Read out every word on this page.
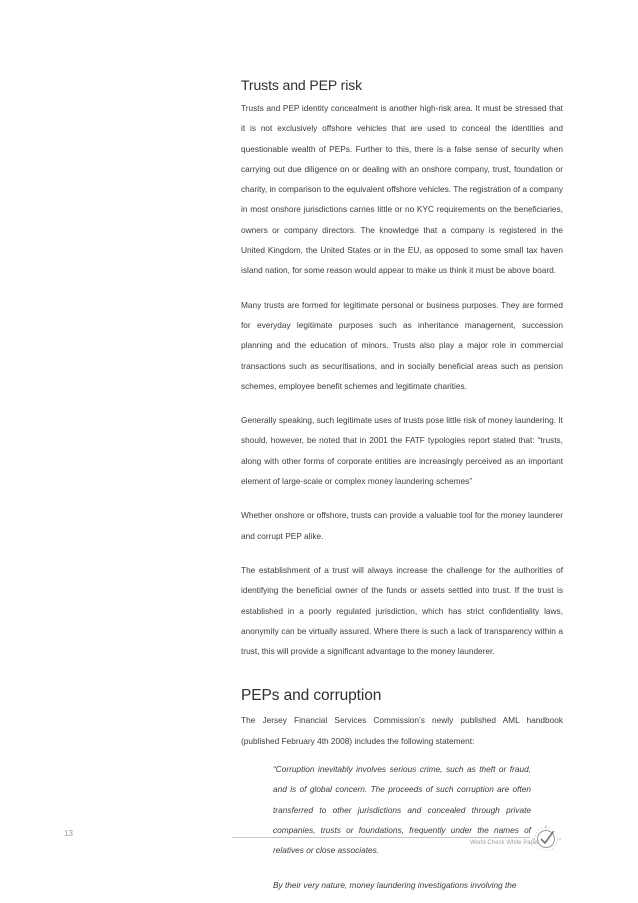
Trusts and PEP risk

Trusts and PEP identity concealment is another high-risk area. It must be stressed that it is not exclusively offshore vehicles that are used to conceal the identities and questionable wealth of PEPs. Further to this, there is a false sense of security when carrying out due diligence on or dealing with an onshore company, trust, foundation or charity, in comparison to the equivalent offshore vehicles. The registration of a company in most onshore jurisdictions carries little or no KYC requirements on the beneficiaries, owners or company directors. The knowledge that a company is registered in the United Kingdom, the United States or in the EU, as opposed to some small tax haven island nation, for some reason would appear to make us think it must be above board.

Many trusts are formed for legitimate personal or business purposes. They are formed for everyday legitimate purposes such as inheritance management, succession planning and the education of minors. Trusts also play a major role in commercial transactions such as securitisations, and in socially beneficial areas such as pension schemes, employee benefit schemes and legitimate charities.

Generally speaking, such legitimate uses of trusts pose little risk of money laundering. It should, however, be noted that in 2001 the FATF typologies report stated that: “trusts, along with other forms of corporate entities are increasingly perceived as an important element of large-scale or complex money laundering schemes”

Whether onshore or offshore, trusts can provide a valuable tool for the money launderer and corrupt PEP alike.

The establishment of a trust will always increase the challenge for the authorities of identifying the beneficial owner of the funds or assets settled into trust. If the trust is established in a poorly regulated jurisdiction, which has strict confidentiality laws, anonymity can be virtually assured. Where there is such a lack of transparency within a trust, this will provide a significant advantage to the money launderer.

PEPs and corruption

The Jersey Financial Services Commission’s newly published AML handbook (published February 4th 2008) includes the following statement:

“Corruption inevitably involves serious crime, such as theft or fraud, and is of global concern. The proceeds of such corruption are often transferred to other jurisdictions and concealed through private companies, trusts or foundations, frequently under the names of relatives or close associates.

By their very nature, money laundering investigations involving the

13
World-Check White Paper
